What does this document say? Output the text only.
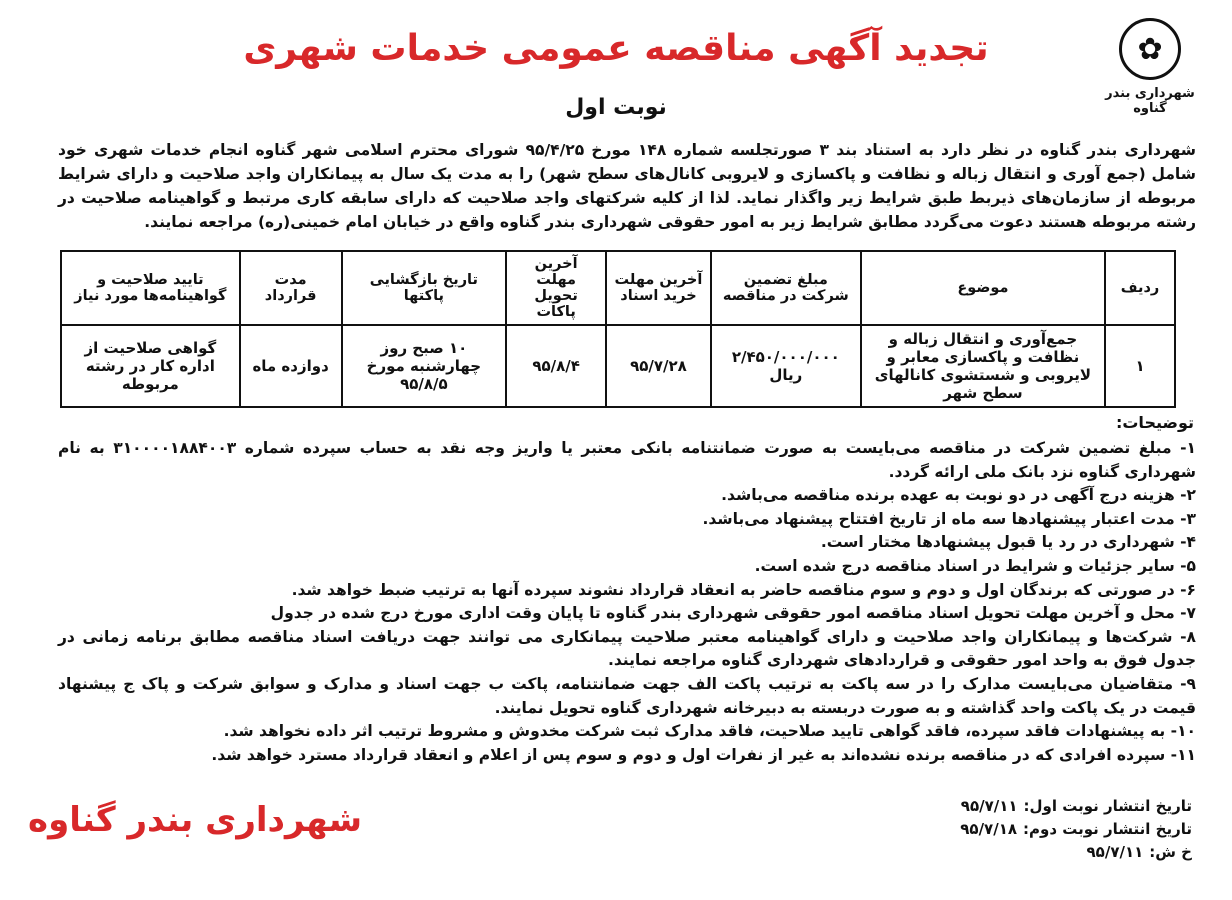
✿
شهرداری بندر گناوه
تجدید آگهی مناقصه عمومی خدمات شهری
نوبت اول
شهرداری بندر گناوه در نظر دارد به استناد بند ۳ صورتجلسه شماره ۱۴۸ مورخ ۹۵/۴/۲۵ شورای محترم اسلامی شهر گناوه انجام خدمات شهری خود شامل (جمع آوری و انتقال زباله و نظافت و پاکسازی و لایروبی کانال‌های سطح شهر) را به مدت یک سال به پیمانکاران واجد صلاحیت و دارای شرایط مربوطه از سازمان‌های ذیربط طبق شرایط زیر واگذار نماید. لذا از کلیه شرکتهای واجد صلاحیت که دارای سابقه کاری مرتبط و گواهینامه صلاحیت در رشته مربوطه هستند دعوت می‌گردد مطابق شرایط زیر به امور حقوقی شهرداری بندر گناوه واقع در خیابان امام خمینی(ره) مراجعه نمایند.
ردیف	موضوع	مبلغ تضمین شرکت در مناقصه	آخرین مهلت خرید اسناد	آخرین مهلت تحویل پاکات	تاریخ بازگشایی پاکتها	مدت قرارداد	تایید صلاحیت و گواهینامه‌ها مورد نیاز
۱	جمع‌آوری و انتقال زباله و نظافت و پاکسازی معابر و لایروبی و شستشوی کانالهای سطح شهر	۲/۴۵۰/۰۰۰/۰۰۰ ریال	۹۵/۷/۲۸	۹۵/۸/۴	۱۰ صبح روز چهارشنبه مورخ ۹۵/۸/۵	دوازده ماه	گواهی صلاحیت از اداره کار در رشته مربوطه
توضیحات:
۱- مبلغ تضمین شرکت در مناقصه می‌بایست به صورت ضمانتنامه بانکی معتبر یا واریز وجه نقد به حساب سپرده شماره ۳۱۰۰۰۰۱۸۸۴۰۰۳ به نام شهرداری گناوه نزد بانک ملی ارائه گردد.
۲- هزینه درج آگهی در دو نوبت به عهده برنده مناقصه می‌باشد.
۳- مدت اعتبار پیشنهادها سه ماه از تاریخ افتتاح پیشنهاد می‌باشد.
۴- شهرداری در رد یا قبول پیشنهادها مختار است.
۵- سایر جزئیات و شرایط در اسناد مناقصه درج شده است.
۶- در صورتی که برندگان اول و دوم و سوم مناقصه حاضر به انعقاد قرارداد نشوند سپرده آنها به ترتیب ضبط خواهد شد.
۷- محل و آخرین مهلت تحویل اسناد مناقصه امور حقوقی شهرداری بندر گناوه تا پایان وقت اداری مورخ درج شده در جدول
۸- شرکت‌ها و پیمانکاران واجد صلاحیت و دارای گواهینامه معتبر صلاحیت پیمانکاری می توانند جهت دریافت اسناد مناقصه مطابق برنامه زمانی در جدول فوق به واحد امور حقوقی و قراردادهای شهرداری گناوه مراجعه نمایند.
۹- متقاضیان می‌بایست مدارک را در سه پاکت به ترتیب پاکت الف جهت ضمانتنامه، پاکت ب جهت اسناد و مدارک و سوابق شرکت و پاک ج پیشنهاد قیمت در یک پاکت واحد گذاشته و به صورت دربسته به دبیرخانه شهرداری گناوه تحویل نمایند.
۱۰- به پیشنهادات فاقد سپرده، فاقد گواهی تایید صلاحیت، فاقد مدارک ثبت شرکت مخدوش و مشروط ترتیب اثر داده نخواهد شد.
۱۱- سپرده افرادی که در مناقصه برنده نشده‌اند به غیر از نفرات اول و دوم و سوم پس از اعلام و انعقاد قرارداد مسترد خواهد شد.
تاریخ انتشار نوبت اول:۹۵/۷/۱۱
تاریخ انتشار نوبت دوم:۹۵/۷/۱۸
خ ش:۹۵/۷/۱۱
شهرداری بندر گناوه
